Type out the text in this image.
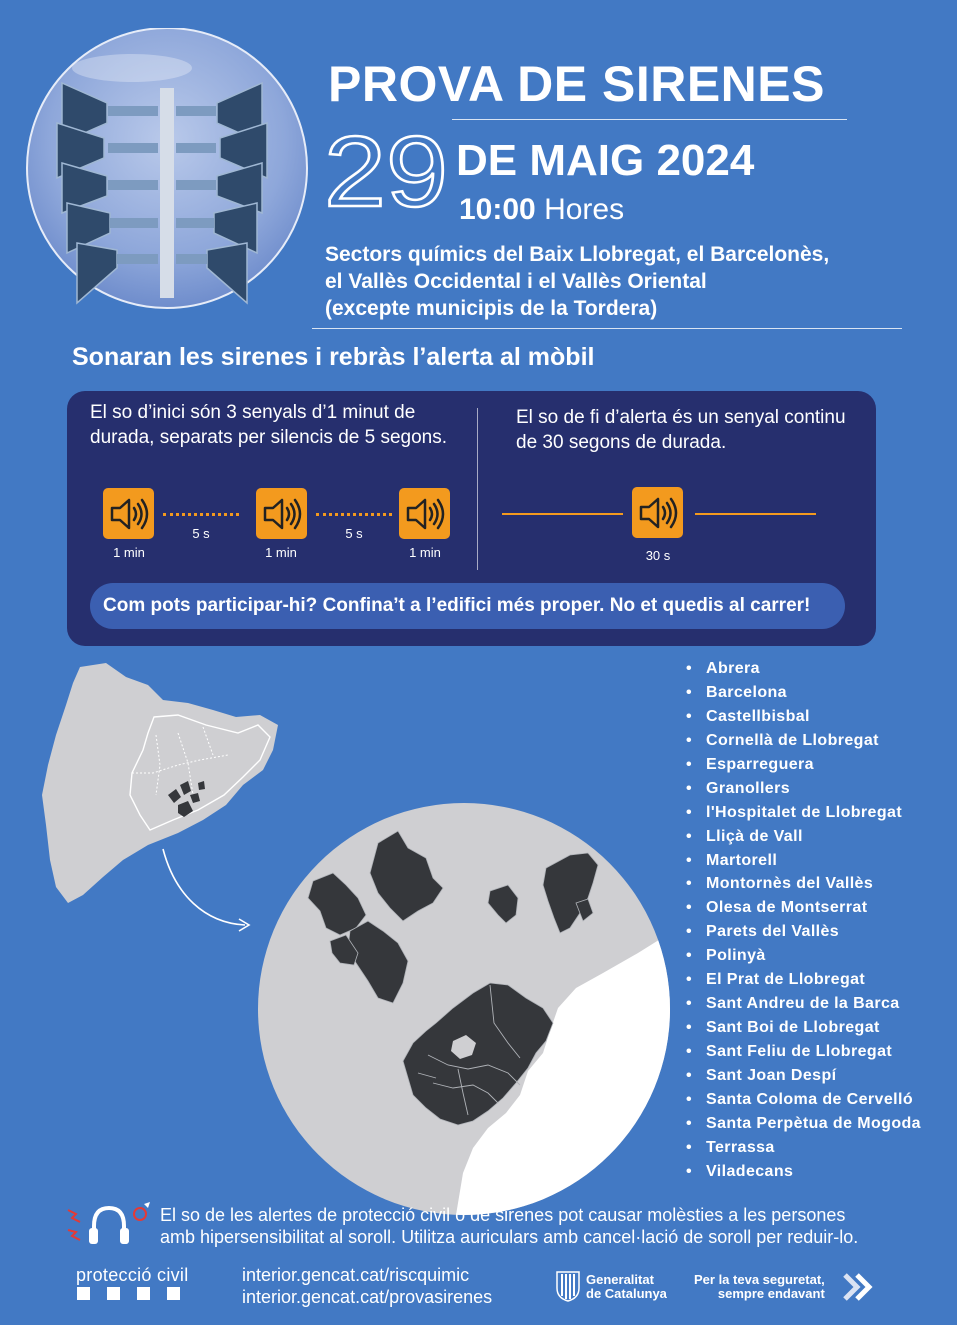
PROVA DE SIRENES
29 DE MAIG 2024
10:00 Hores
Sectors químics del Baix Llobregat, el Barcelonès,
el Vallès Occidental i el Vallès Oriental
(excepte municipis de la Tordera)
Sonaran les sirenes i rebràs l’alerta al mòbil
El so d’inici són 3 senyals d’1 minut de durada, separats per silencis de 5 segons.
El so de fi d’alerta és un senyal continu de 30 segons de durada.
1 min
5 s
1 min
5 s
1 min	30 s
Com pots participar-hi? Confina’t a l’edifici més proper. No et quedis al carrer!
• Abrera
• Barcelona
• Castellbisbal
• Cornellà de Llobregat
• Esparreguera
• Granollers
• l'Hospitalet de Llobregat
• Lliçà de Vall
• Martorell
• Montornès del Vallès
• Olesa de Montserrat
• Parets del Vallès
• Polinyà
• El Prat de Llobregat
• Sant Andreu de la Barca
• Sant Boi de Llobregat
• Sant Feliu de Llobregat
• Sant Joan Despí
• Santa Coloma de Cervelló
• Santa Perpètua de Mogoda
• Terrassa
• Viladecans
El so de les alertes de protecció civil o de sirenes pot causar molèsties a les persones
amb hipersensibilitat al soroll. Utilitza auriculars amb cancel·lació de soroll per reduir-lo.
protecció civil	interior.gencat.cat/riscquimic
interior.gencat.cat/provasirenes
Generalitat
de Catalunya
Per la teva seguretat,
sempre endavant
